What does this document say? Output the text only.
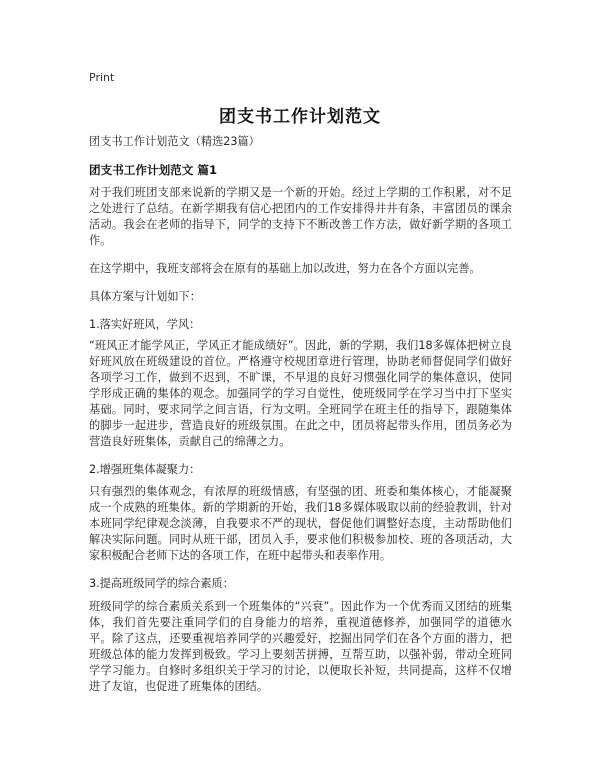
Print
团支书工作计划范文
团支书工作计划范文（精选23篇）
团支书工作计划范文 篇1

对于我们班团支部来说新的学期又是一个新的开始。经过上学期的工作积累，对不足之处进行了总结。在新学期我有信心把团内的工作安排得井井有条，丰富团员的课余活动。我会在老师的指导下，同学的支持下不断改善工作方法，做好新学期的各项工作。

在这学期中，我班支部将会在原有的基础上加以改进，努力在各个方面以完善。

具体方案与计划如下：

1.落实好班风，学风：

“班风正才能学风正，学风正才能成绩好”。因此，新的学期，我们18多媒体把树立良好班风放在班级建设的首位。严格遵守校规团章进行管理，协助老师督促同学们做好各项学习工作，做到不迟到，不旷课，不早退的良好习惯强化同学的集体意识，使同学形成正确的集体的观念。加强同学的学习自觉性，使班级同学在学习当中打下坚实基础。同时，要求同学之间言语，行为文明。全班同学在班主任的指导下，跟随集体的脚步一起进步，营造良好的班级氛围。在此之中，团员将起带头作用，团员务必为营造良好班集体，贡献自己的绵薄之力。

2.增强班集体凝聚力：

只有强烈的集体观念，有浓厚的班级情感，有坚强的团、班委和集体核心，才能凝聚成一个成熟的班集体。新的学期新的开始，我们18多媒体吸取以前的经验教训，针对本班同学纪律观念淡薄，自我要求不严的现状，督促他们调整好态度，主动帮助他们解决实际问题。同时从班干部，团员入手，要求他们积极参加校、班的各项活动，大家积极配合老师下达的各项工作，在班中起带头和表率作用。

3.提高班级同学的综合素质：

班级同学的综合素质关系到一个班集体的“兴衰”。因此作为一个优秀而又团结的班集体，我们首先要注重同学们的自身能力的培养，重视道德修养，加强同学的道德水平。除了这点，还要重视培养同学的兴趣爱好，挖掘出同学们在各个方面的潜力，把班级总体的能力发挥到极致。学习上要刻苦拼搏，互帮互助，以强补弱，带动全班同学学习能力。自修时多组织关于学习的讨论，以便取长补短，共同提高，这样不仅增进了友谊，也促进了班集体的团结。
